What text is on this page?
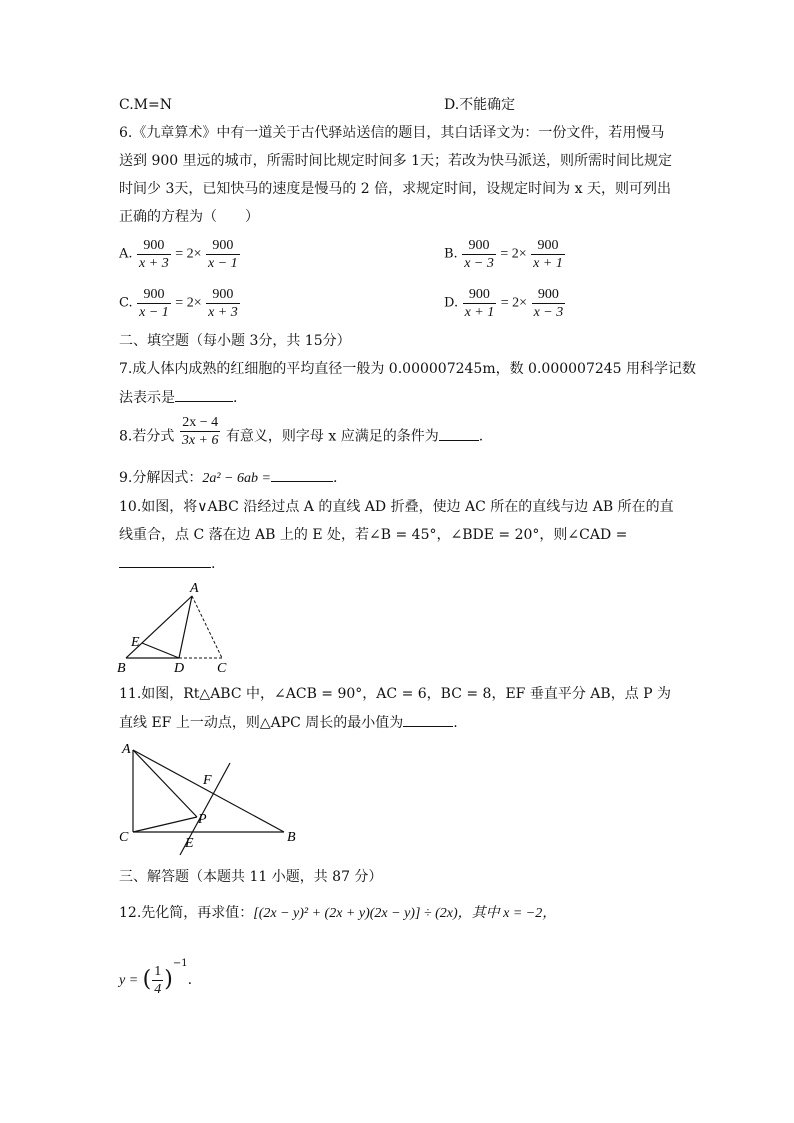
C.M=N	D.不能确定
6.《九章算术》中有一道关于古代驿站送信的题目，其白话译文为：一份文件，若用慢马
送到 900 里远的城市，所需时间比规定时间多 1天；若改为快马派送，则所需时间比规定
时间少 3天，已知快马的速度是慢马的 2 倍，求规定时间，设规定时间为 x 天，则可列出
正确的方程为（　　）
A. $\frac{900}{x + 3} = 2\times \frac{900}{x - 1}$	B. $\frac{900}{x - 3} = 2\times \frac{900}{x + 1}$
C. $\frac{900}{x - 1} = 2\times \frac{900}{x + 3}$	D. $\frac{900}{x + 1} = 2\times \frac{900}{x - 3}$
二、填空题（每小题 3分，共 15分）
7.成人体内成熟的红细胞的平均直径一般为 0.000007245m，数 0.000007245 用科学记数
法表示是	.
8.若分式 $\frac{2x - 4}{3x + 6}$ 有意义，则字母 x 应满足的条件为	.
9.分解因式：2a² − 6ab =	.
10.如图，将∨ABC 沿经过点 A 的直线 AD 折叠，使边 AC 所在的直线与边 AB 所在的直
线重合，点 C 落在边 AB 上的 E 处，若∠B = 45°，∠BDE = 20°，则∠CAD =
.
A
E
B	D C
11.如图，Rt△ABC 中，∠ACB = 90°，AC = 6，BC = 8，EF 垂直平分 AB，点 P 为
直线 EF 上一动点，则△APC 周长的最小值为	.
A
F
P
C	B
E
三、解答题（本题共 11 小题，共 87 分）
12.先化简，再求值：[(2x − y)² + (2x + y)(2x − y)] ÷ (2x)，其中 x = −2，
y = ( $\frac{1}{4} )^{-1}$.
